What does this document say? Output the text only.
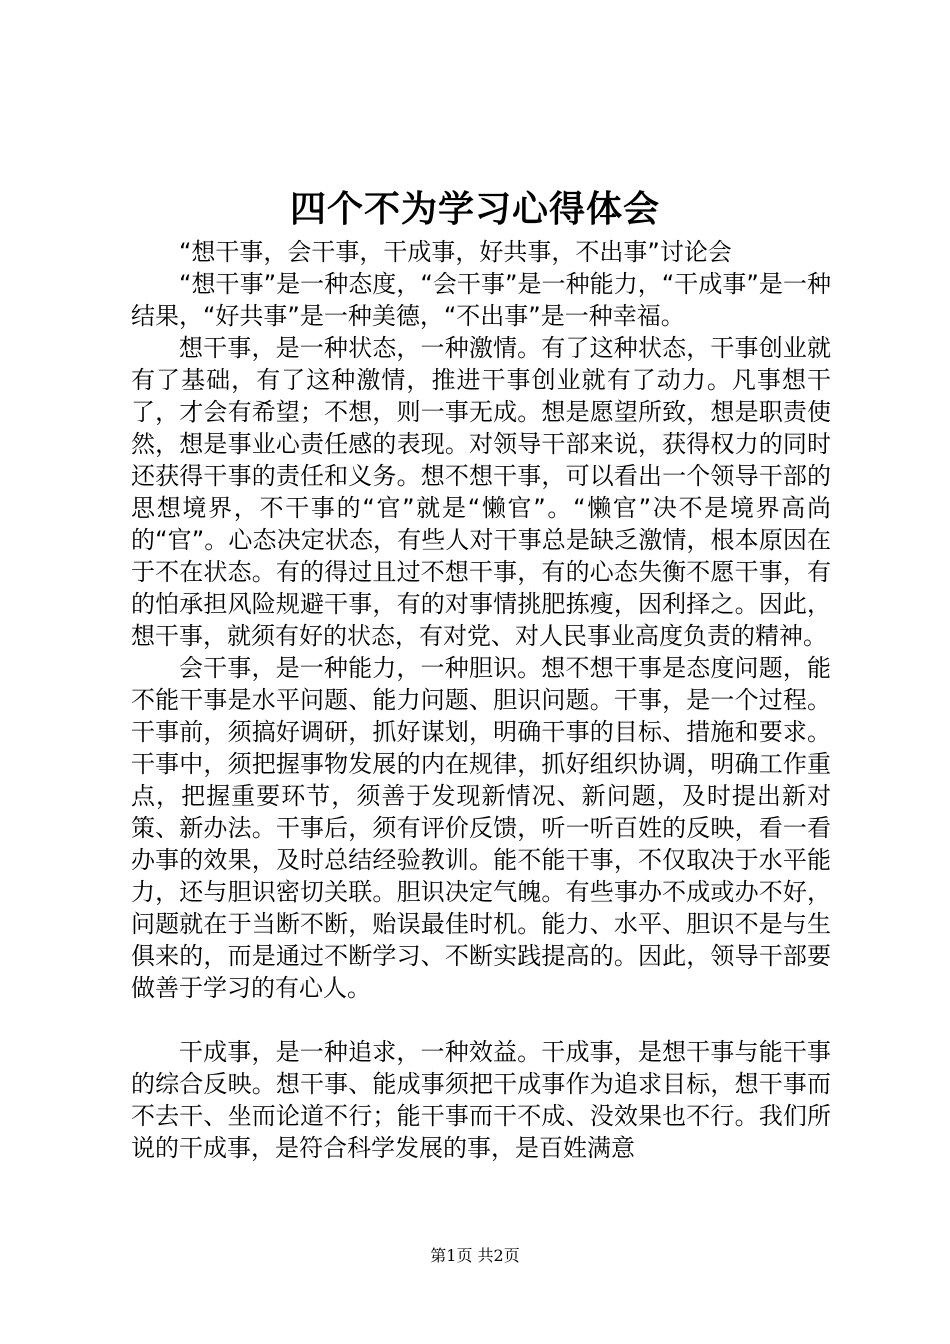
四个不为学习心得体会

“想干事，会干事，干成事，好共事，不出事”讨论会

“想干事”是一种态度，“会干事”是一种能力，“干成事”是一种结果，“好共事”是一种美德，“不出事”是一种幸福。

想干事，是一种状态，一种激情。有了这种状态，干事创业就有了基础，有了这种激情，推进干事创业就有了动力。凡事想干了，才会有希望；不想，则一事无成。想是愿望所致，想是职责使然，想是事业心责任感的表现。对领导干部来说，获得权力的同时还获得干事的责任和义务。想不想干事，可以看出一个领导干部的思想境界，不干事的“官”就是“懒官”。“懒官”决不是境界高尚的“官”。心态决定状态，有些人对干事总是缺乏激情，根本原因在于不在状态。有的得过且过不想干事，有的心态失衡不愿干事，有的怕承担风险规避干事，有的对事情挑肥拣瘦，因利择之。因此，想干事，就须有好的状态，有对党、对人民事业高度负责的精神。

会干事，是一种能力，一种胆识。想不想干事是态度问题，能不能干事是水平问题、能力问题、胆识问题。干事，是一个过程。干事前，须搞好调研，抓好谋划，明确干事的目标、措施和要求。干事中，须把握事物发展的内在规律，抓好组织协调，明确工作重点，把握重要环节，须善于发现新情况、新问题，及时提出新对策、新办法。干事后，须有评价反馈，听一听百姓的反映，看一看办事的效果，及时总结经验教训。能不能干事，不仅取决于水平能力，还与胆识密切关联。胆识决定气魄。有些事办不成或办不好，问题就在于当断不断，贻误最佳时机。能力、水平、胆识不是与生俱来的，而是通过不断学习、不断实践提高的。因此，领导干部要做善于学习的有心人。

干成事，是一种追求，一种效益。干成事，是想干事与能干事的综合反映。想干事、能成事须把干成事作为追求目标，想干事而不去干、坐而论道不行；能干事而干不成、没效果也不行。我们所说的干成事，是符合科学发展的事，是百姓满意

第1页 共2页
